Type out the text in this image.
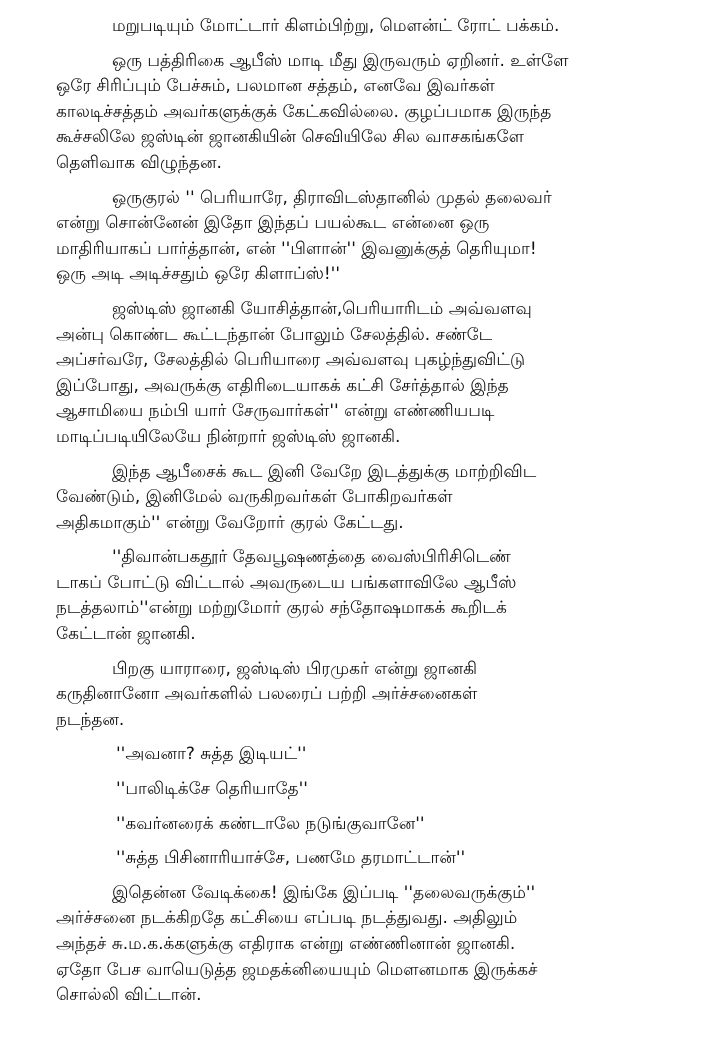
மறுபடியும் மோட்டார் கிளம்பிற்று, மௌன்ட் ரோட் பக்கம்.
ஒரு பத்திரிகை ஆபீஸ் மாடி மீது இருவரும் ஏறினர். உள்ளே
ஒரே சிரிப்பும் பேச்சும், பலமான சத்தம், எனவே இவர்கள்
காலடிச்சத்தம் அவர்களுக்குக் கேட்கவில்லை. குழப்பமாக இருந்த
கூச்சலிலே ஜஸ்டின் ஜானகியின் செவியிலே சில வாசகங்களே
தெளிவாக விழுந்தன.
ஒருகுரல் '' பெரியாரே, திராவிடஸ்தானில் முதல் தலைவர்
என்று சொன்னேன் இதோ இந்தப் பயல்கூட என்னை ஒரு
மாதிரியாகப் பார்த்தான், என் ''பிளான்'' இவனுக்குத் தெரியுமா!
ஒரு அடி அடிச்சதும் ஒரே கிளாப்ஸ்!''
ஜஸ்டிஸ் ஜானகி யோசித்தான்,பெரியாரிடம் அவ்வளவு
அன்பு கொண்ட கூட்டந்தான் போலும் சேலத்தில். சண்டே
அப்சர்வரே, சேலத்தில் பெரியாரை அவ்வளவு புகழ்ந்துவிட்டு
இப்போது, அவருக்கு எதிரிடையாகக் கட்சி சேர்த்தால் இந்த
ஆசாமியை நம்பி யார் சேருவார்கள்'' என்று எண்ணியபடி
மாடிப்படியிலேயே நின்றார் ஜஸ்டிஸ் ஜானகி.
இந்த ஆபீசைக் கூட இனி வேறே இடத்துக்கு மாற்றிவிட
வேண்டும், இனிமேல் வருகிறவர்கள் போகிறவர்கள்
அதிகமாகும்'' என்று வேறோர் குரல் கேட்டது.
''திவான்பகதூர் தேவபூஷணத்தை வைஸ்பிரிசிடெண்
டாகப் போட்டு விட்டால் அவருடைய பங்களாவிலே ஆபீஸ்
நடத்தலாம்''என்று மற்றுமோர் குரல் சந்தோஷமாகக் கூறிடக்
கேட்டான் ஜானகி.
பிறகு யாராரை, ஜஸ்டிஸ் பிரமுகர் என்று ஜானகி
கருதினானோ அவர்களில் பலரைப் பற்றி அர்ச்சனைகள்
நடந்தன.
''அவனா? சுத்த இடியட்''
''பாலிடிக்சே தெரியாதே''
''கவர்னரைக் கண்டாலே நடுங்குவானே''
''சுத்த பிசினாரியாச்சே, பணமே தரமாட்டான்''
இதென்ன வேடிக்கை! இங்கே இப்படி ''தலைவருக்கும்''
அர்ச்சனை நடக்கிறதே கட்சியை எப்படி நடத்துவது. அதிலும்
அந்தச் சு.ம.க.க்களுக்கு எதிராக என்று எண்ணினான் ஜானகி.
ஏதோ பேச வாயெடுத்த ஜமதக்னியையும் மௌனமாக இருக்கச்
சொல்லி விட்டான்.
